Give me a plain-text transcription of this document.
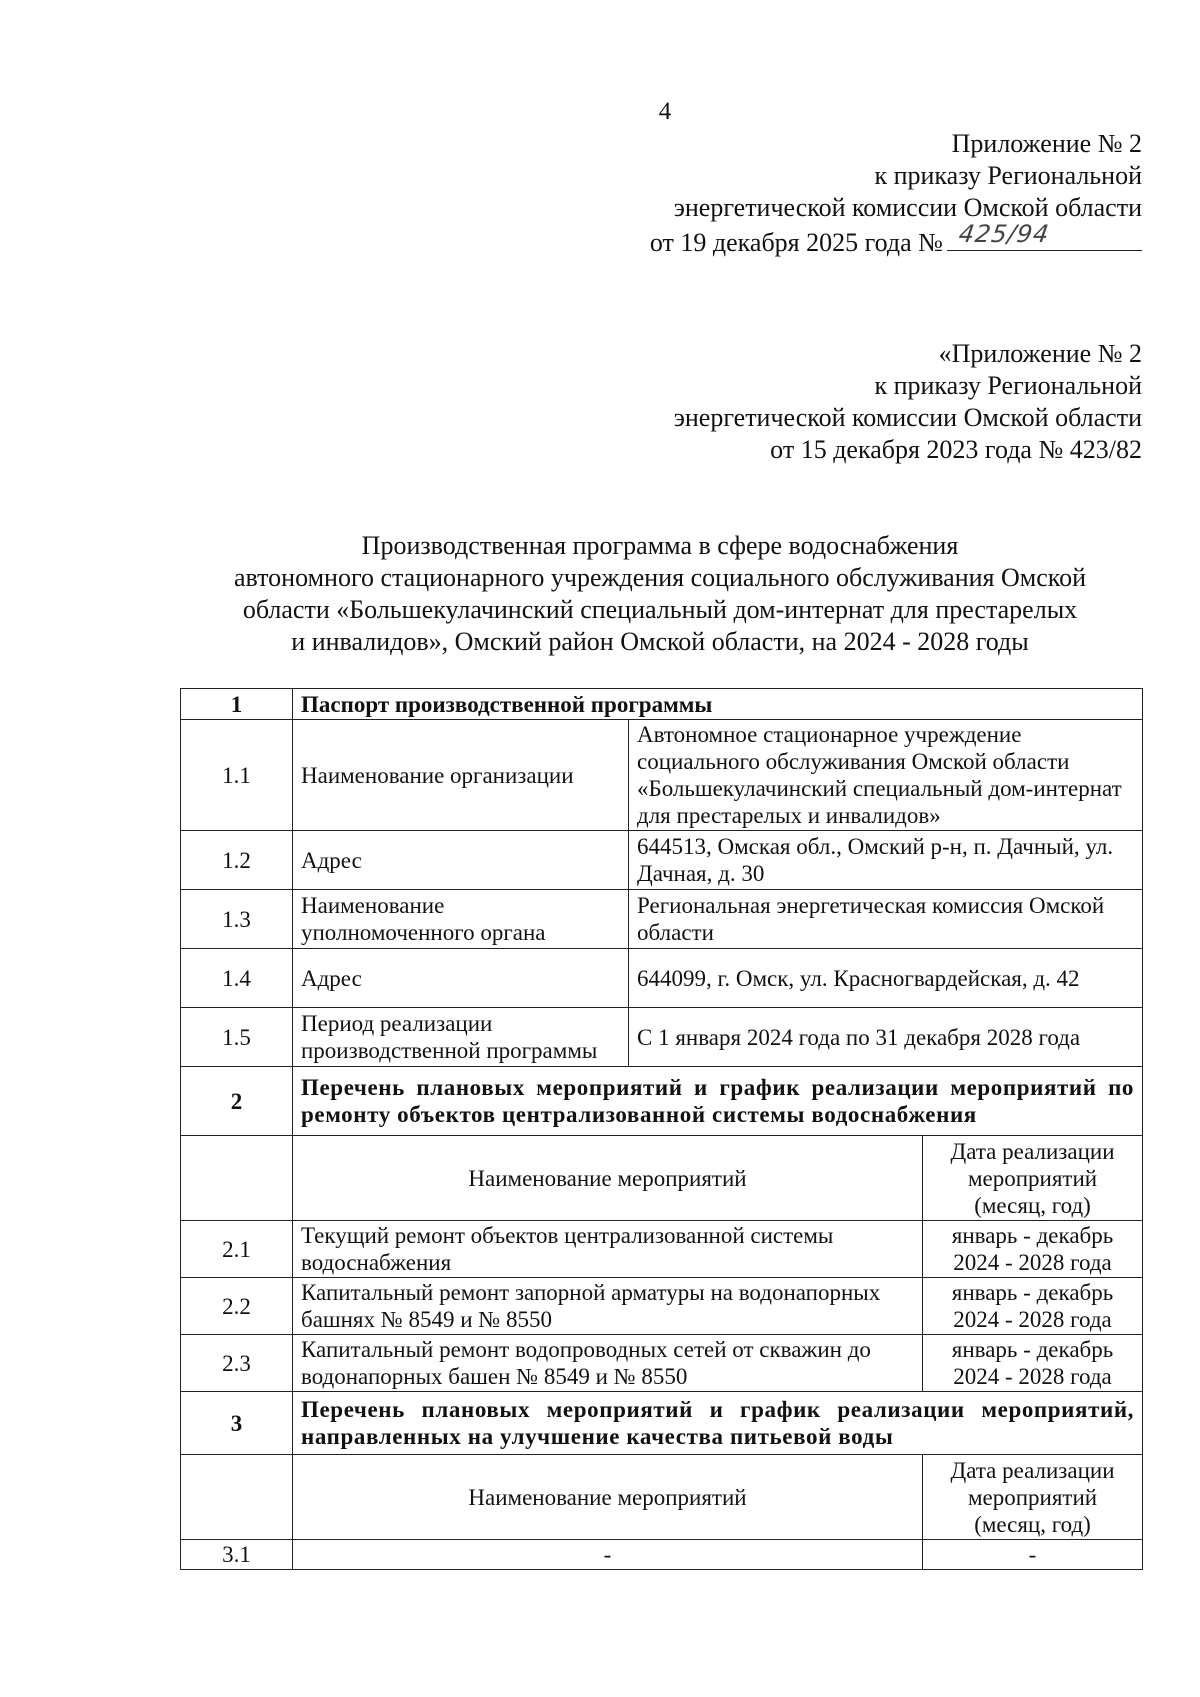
4
Приложение № 2
к приказу Региональной
энергетической комиссии Омской области
от 19 декабря 2025 года № 425/94
«Приложение № 2
к приказу Региональной
энергетической комиссии Омской области
от 15 декабря 2023 года № 423/82
Производственная программа в сфере водоснабжения
автономного стационарного учреждения социального обслуживания Омской
области «Большекулачинский специальный дом-интернат для престарелых
и инвалидов», Омский район Омской области, на 2024 - 2028 годы
1	Паспорт производственной программы		
1.1	Наименование организации	Автономное стационарное учреждение социального обслуживания Омской области «Большекулачинский специальный дом-интернат для престарелых и инвалидов»	
1.2	Адрес	644513, Омская обл., Омский р-н, п. Дачный, ул. Дачная, д. 30	
1.3	Наименование уполномоченного органа	Региональная энергетическая комиссия Омской области	
1.4	Адрес	644099, г. Омск, ул. Красногвардейская, д. 42	
1.5	Период реализации производственной программы	С 1 января 2024 года по 31 декабря 2028 года	
2	Перечень плановых мероприятий и график реализации мероприятий по ремонту объектов централизованной системы водоснабжения		
	Наименование мероприятий		Дата реализации мероприятий (месяц, год)
2.1	Текущий ремонт объектов централизованной системы водоснабжения		январь - декабрь 2024 - 2028 года
2.2	Капитальный ремонт запорной арматуры на водонапорных башнях № 8549 и № 8550		январь - декабрь 2024 - 2028 года
2.3	Капитальный ремонт водопроводных сетей от скважин до водонапорных башен № 8549 и № 8550		январь - декабрь 2024 - 2028 года
3	Перечень плановых мероприятий и график реализации мероприятий, направленных на улучшение качества питьевой воды		
	Наименование мероприятий		Дата реализации мероприятий (месяц, год)
3.1	-		-
